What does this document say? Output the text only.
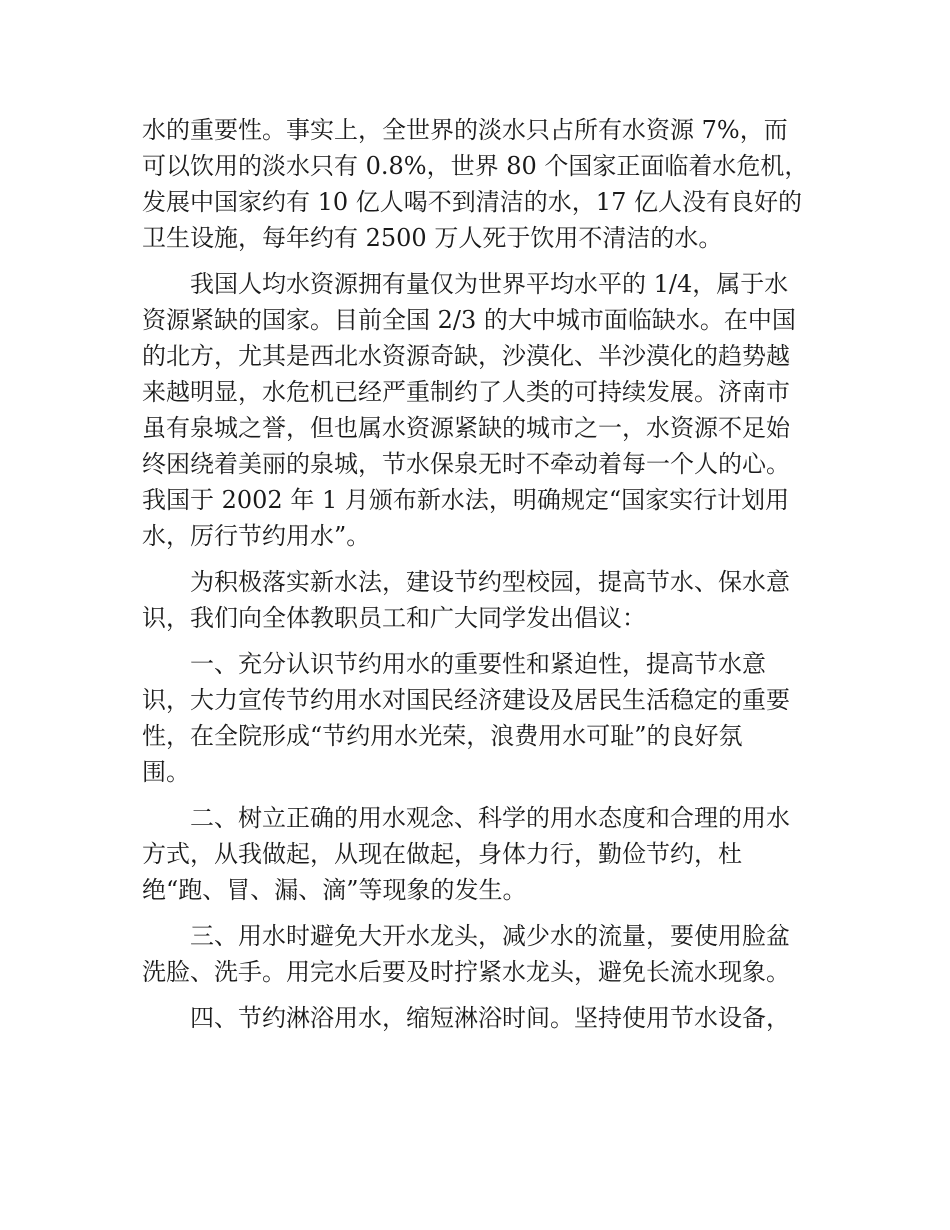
水的重要性。事实上，全世界的淡水只占所有水资源 7%，而
可以饮用的淡水只有 0.8%，世界 80 个国家正面临着水危机，
发展中国家约有 10 亿人喝不到清洁的水，17 亿人没有良好的
卫生设施，每年约有 2500 万人死于饮用不清洁的水。
我国人均水资源拥有量仅为世界平均水平的 1/4，属于水
资源紧缺的国家。目前全国 2/3 的大中城市面临缺水。在中国
的北方，尤其是西北水资源奇缺，沙漠化、半沙漠化的趋势越
来越明显，水危机已经严重制约了人类的可持续发展。济南市
虽有泉城之誉，但也属水资源紧缺的城市之一，水资源不足始
终困绕着美丽的泉城，节水保泉无时不牵动着每一个人的心。
我国于 2002 年 1 月颁布新水法，明确规定“国家实行计划用
水，厉行节约用水”。
为积极落实新水法，建设节约型校园，提高节水、保水意
识，我们向全体教职员工和广大同学发出倡议：
一、充分认识节约用水的重要性和紧迫性，提高节水意
识，大力宣传节约用水对国民经济建设及居民生活稳定的重要
性，在全院形成“节约用水光荣，浪费用水可耻”的良好氛
围。
二、树立正确的用水观念、科学的用水态度和合理的用水
方式，从我做起，从现在做起，身体力行，勤俭节约，杜
绝“跑、冒、漏、滴”等现象的发生。
三、用水时避免大开水龙头，减少水的流量，要使用脸盆
洗脸、洗手。用完水后要及时拧紧水龙头，避免长流水现象。
四、节约淋浴用水，缩短淋浴时间。坚持使用节水设备，
